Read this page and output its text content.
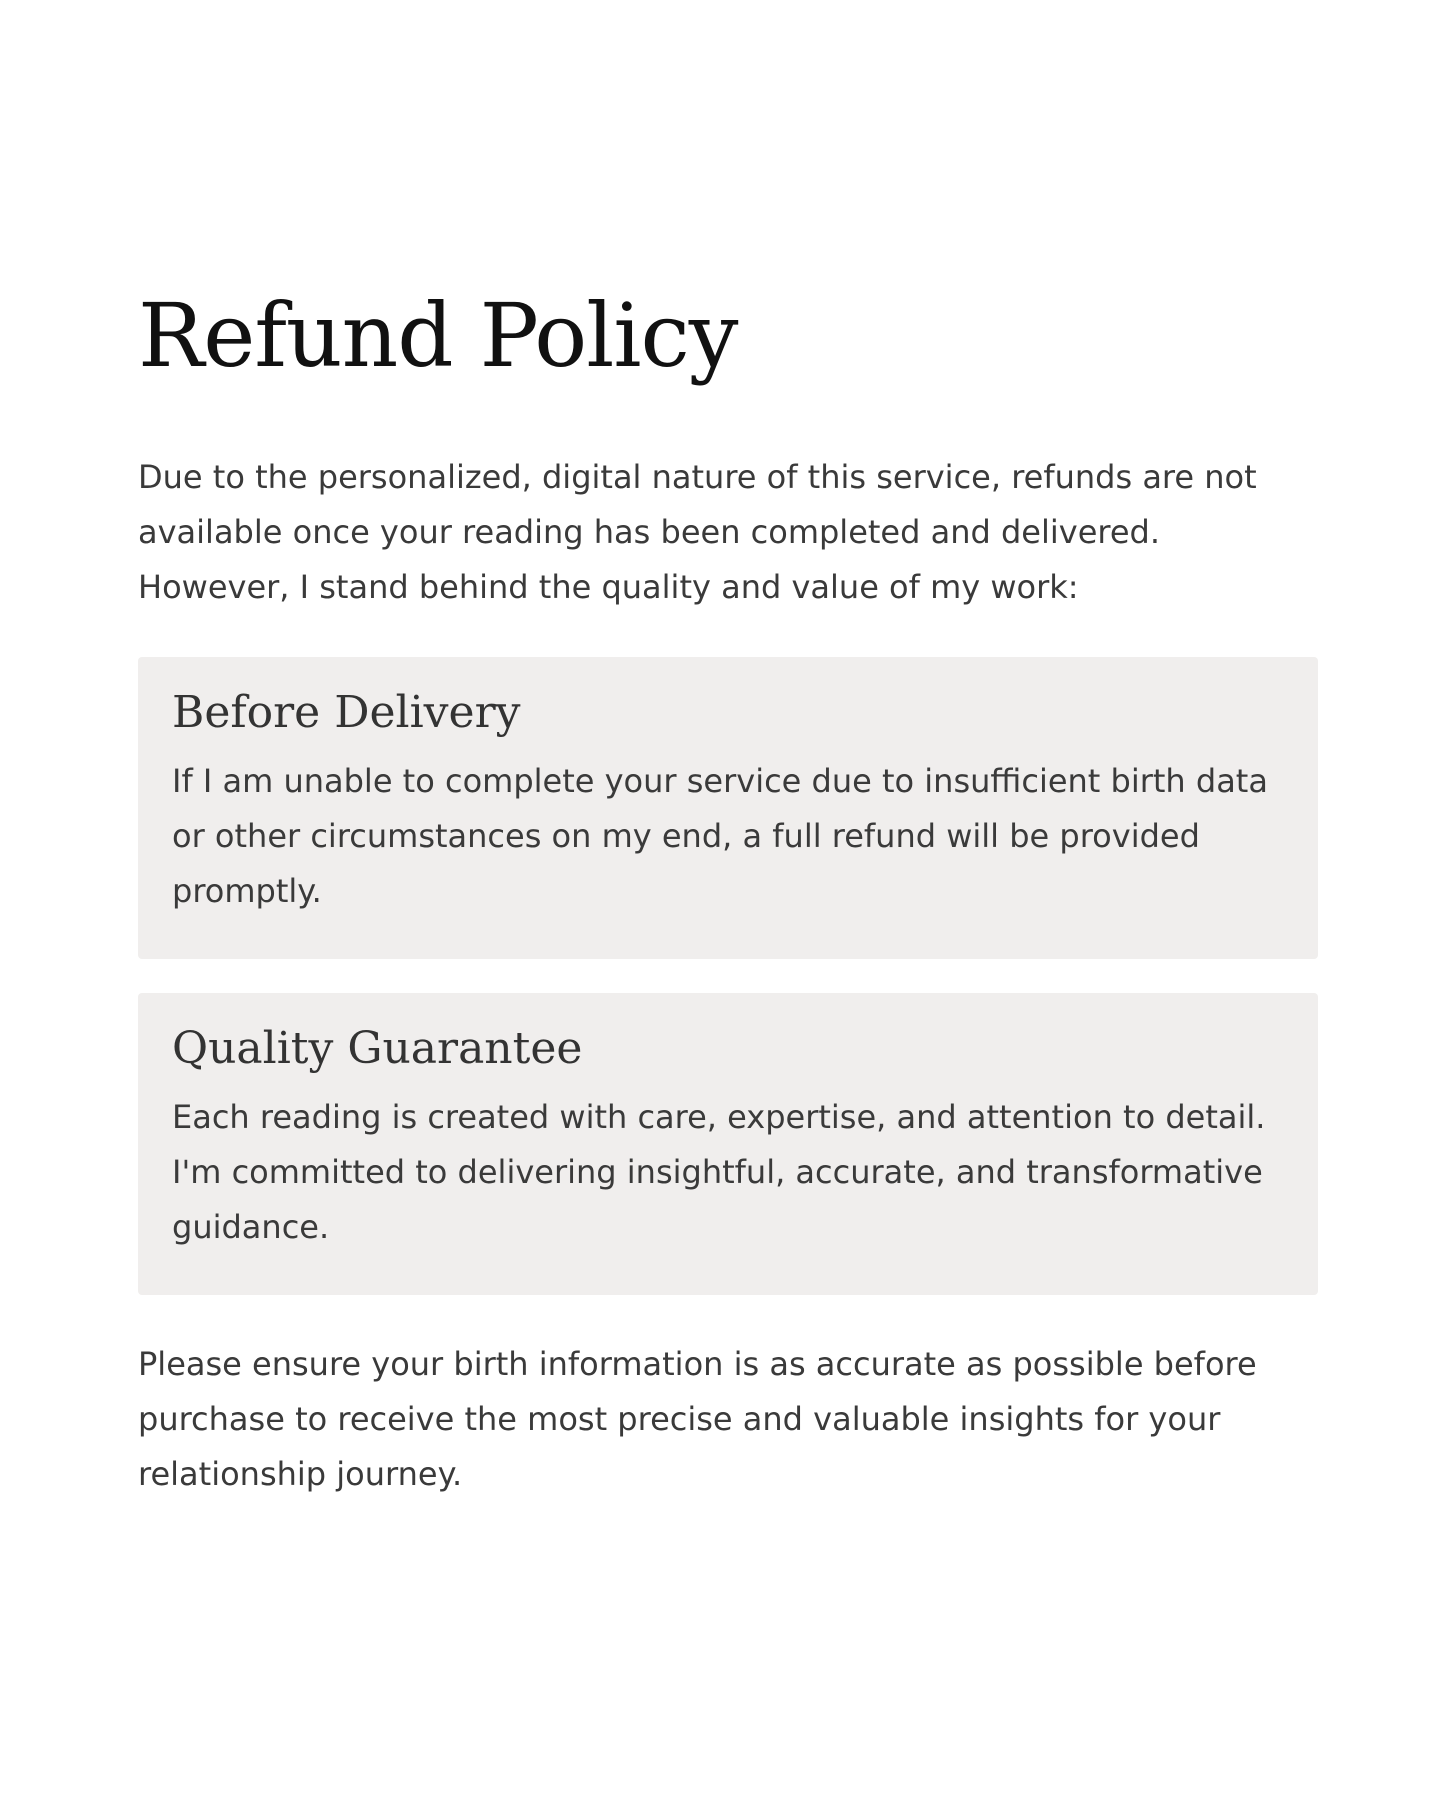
Refund Policy

Due to the personalized, digital nature of this service, refunds are not available once your reading has been completed and delivered. However, I stand behind the quality and value of my work:

Before Delivery

If I am unable to complete your service due to insufficient birth data or other circumstances on my end, a full refund will be provided promptly.

Quality Guarantee

Each reading is created with care, expertise, and attention to detail. I'm committed to delivering insightful, accurate, and transformative guidance.

Please ensure your birth information is as accurate as possible before purchase to receive the most precise and valuable insights for your relationship journey.
